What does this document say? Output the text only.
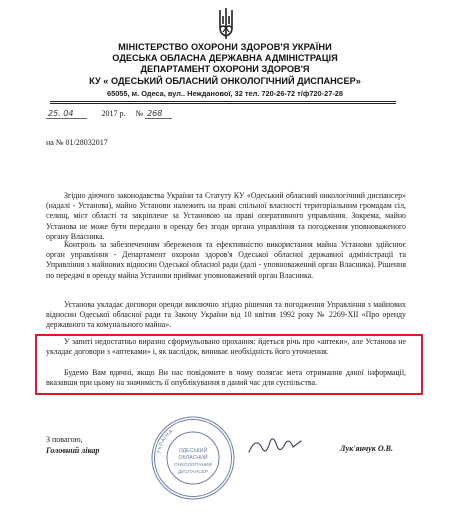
МІНІСТЕРСТВО ОХОРОНИ ЗДОРОВ'Я УКРАЇНИ
ОДЕСЬКА ОБЛАСНА ДЕРЖАВНА АДМІНІСТРАЦІЯ
ДЕПАРТАМЕНТ ОХОРОНИ ЗДОРОВ'Я
КУ « ОДЕСЬКИЙ ОБЛАСНИЙ ОНКОЛОГІЧНИЙ ДИСПАНСЕР»
65055, м. Одеса, вул.. Нежданової, 32 тел. 720-26-72 т/ф720-27-28
25. 04	2017 р. № 268
на № 01/28032017
Згідно діючого законодавства України та Статуту КУ «Одеський обласний онкологічний диспансер» (надалі - Установа), майно Установи належить на праві спільної власності територіальним громадам сіл, селищ, міст області та закріплене за Установою на праві оперативного управління. Зокрема, майно Установа не може бути передано в оренду без згоди органа управління та погодження уповноваженого органу Власника.
Контроль за забезпеченням збереження та ефективністю використання майна Установи здійснює орган управління - Департамент охорони здоров'я Одеської обласної державної адміністрації та Управління з майнових відносин Одеської обласної ради (далі - уповноважений орган Власника). Рішення по передачі в оренду майна Установи приймає уповноважений орган Власника.
Установа укладає договори оренди виключно згідно рішення та погодження Управління з майнових відносин Одеської обласної ради та Закону України від 10 квітня 1992 року № 2269-XII «Про оренду державного та комунального майна».
У запиті недостатньо виразно сформульовано прохання: йдеться річь про «аптеки», але Установа не укладає договори з «аптеками» і, як наслідок, виникає необхідність його уточнення.
Будемо Вам вдячні, якщо Ви нас повідомите в чому полягає мета отримання даної інформації, вказавши при цьому на значимість її опублікування в даний час для суспільства.
УКРАЇНА
ОДЕСЬКИЙ
ОБЛАСНИЙ
ОНКОЛОГІЧНИЙ
ДИСПАНСЕР
З повагою,
Головний лікар	Лук'янчук О.В.
